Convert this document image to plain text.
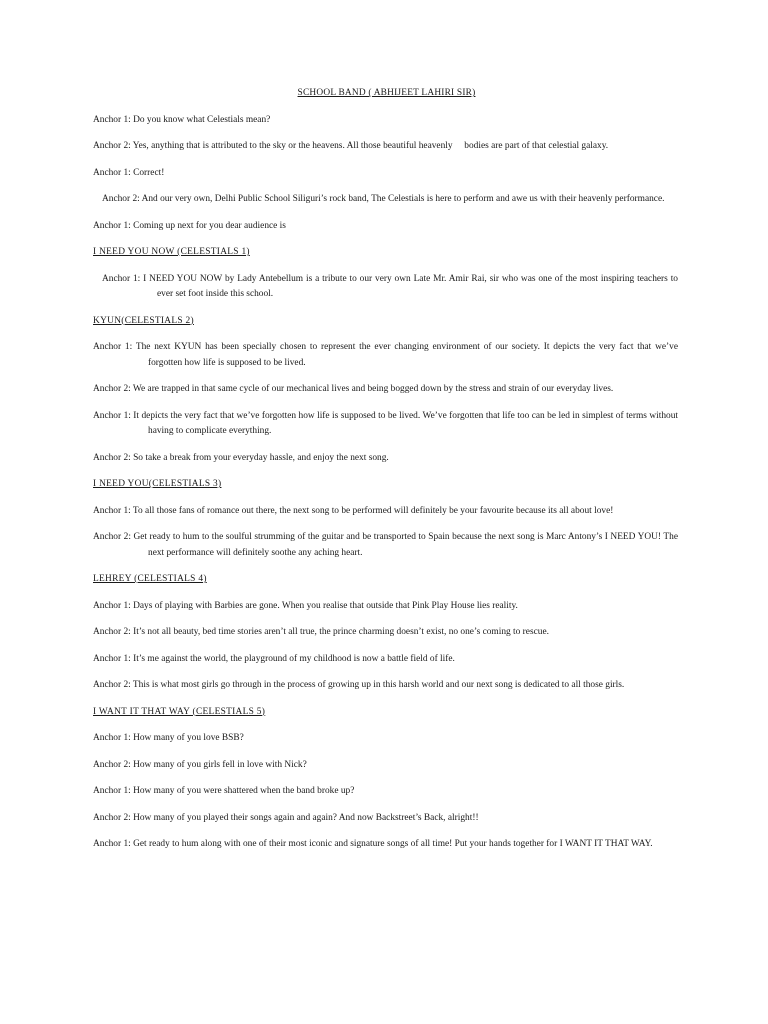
SCHOOL BAND ( ABHIJEET LAHIRI SIR)
Anchor 1: Do you know what Celestials mean?
Anchor 2: Yes, anything that is attributed to the sky or the heavens. All those beautiful heavenly     bodies are part of that celestial galaxy.
Anchor 1: Correct!
Anchor 2: And our very own, Delhi Public School Siliguri’s rock band, The Celestials is here to perform and awe us with their heavenly performance.
Anchor 1: Coming up next for you dear audience is
I NEED YOU NOW (CELESTIALS 1)
Anchor 1: I NEED YOU NOW by Lady Antebellum is a tribute to our very own Late Mr. Amir Rai, sir who was one of the most inspiring teachers to ever set foot inside this school.
KYUN(CELESTIALS 2)
Anchor 1: The next KYUN has been specially chosen to represent the ever changing environment of our society. It depicts the very fact that we’ve forgotten how life is supposed to be lived.
Anchor 2: We are trapped in that same cycle of our mechanical lives and being bogged down by the stress and strain of our everyday lives.
Anchor 1: It depicts the very fact that we’ve forgotten how life is supposed to be lived. We’ve forgotten that life too can be led in simplest of terms without having to complicate everything.
Anchor 2: So take a break from your everyday hassle, and enjoy the next song.
I NEED YOU(CELESTIALS 3)
Anchor 1: To all those fans of romance out there, the next song to be performed will definitely be your favourite because its all about love!
Anchor 2: Get ready to hum to the soulful strumming of the guitar and be transported to Spain because the next song is Marc Antony’s I NEED YOU! The next performance will definitely soothe any aching heart.
LEHREY (CELESTIALS 4)
Anchor 1: Days of playing with Barbies are gone. When you realise that outside that Pink Play House lies reality.
Anchor 2: It’s not all beauty, bed time stories aren’t all true, the prince charming doesn’t exist, no one’s coming to rescue.
Anchor 1: It’s me against the world, the playground of my childhood is now a battle field of life.
Anchor 2: This is what most girls go through in the process of growing up in this harsh world and our next song is dedicated to all those girls.
I WANT IT THAT WAY (CELESTIALS 5)
Anchor 1: How many of you love BSB?
Anchor 2: How many of you girls fell in love with Nick?
Anchor 1: How many of you were shattered when the band broke up?
Anchor 2: How many of you played their songs again and again? And now Backstreet’s Back, alright!!
Anchor 1: Get ready to hum along with one of their most iconic and signature songs of all time! Put your hands together for I WANT IT THAT WAY.
